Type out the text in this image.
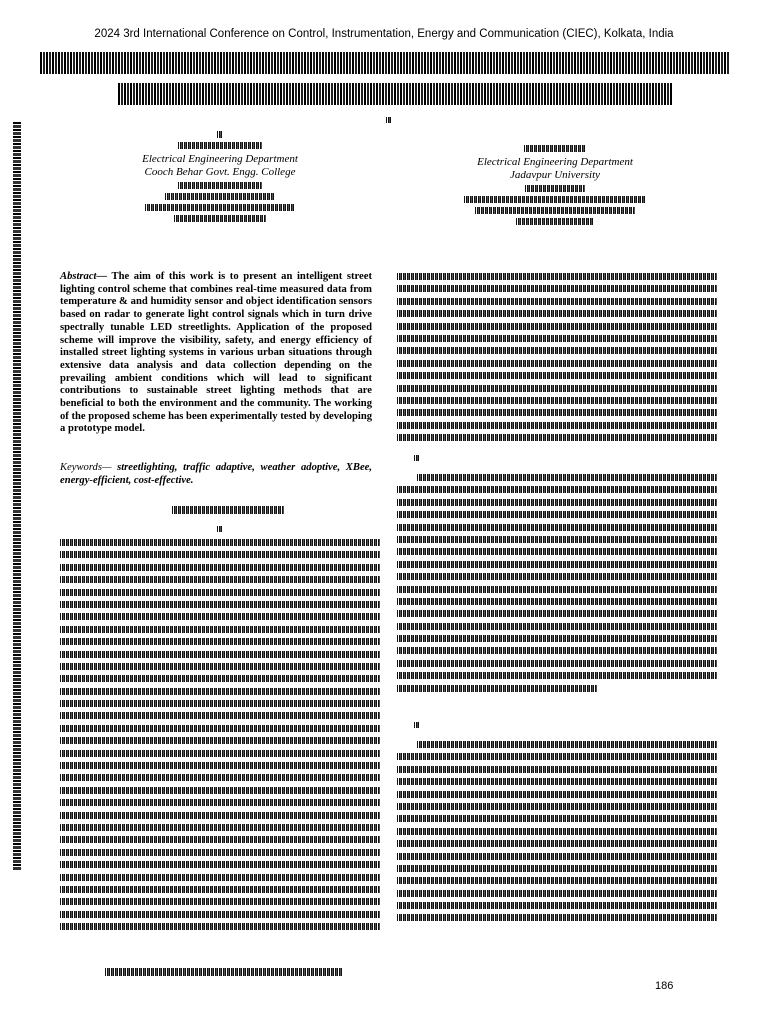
2024 3rd International Conference on Control, Instrumentation, Energy and Communication (CIEC), Kolkata, India
Electrical Engineering Department
Cooch Behar Govt. Engg. College
Electrical Engineering Department
Jadavpur University
Abstract— The aim of this work is to present an intelligent street lighting control scheme that combines real-time measured data from temperature & and humidity sensor and object identification sensors based on radar to generate light control signals which in turn drive spectrally tunable LED streetlights. Application of the proposed scheme will improve the visibility, safety, and energy efficiency of installed street lighting systems in various urban situations through extensive data analysis and data collection depending on the prevailing ambient conditions which will lead to significant contributions to sustainable street lighting methods that are beneficial to both the environment and the community. The working of the proposed scheme has been experimentally tested by developing a prototype model.
Keywords— streetlighting, traffic adaptive, weather adoptive, XBee, energy-efficient, cost-effective.
186
